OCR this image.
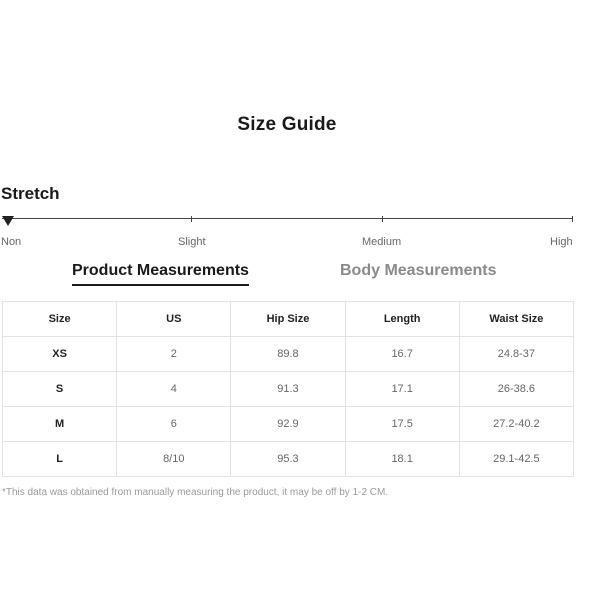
Size Guide
Stretch
Non	Slight	Medium	High
Product Measurements	Body Measurements
Size	US	Hip Size	Length	Waist Size
XS	2	89.8	16.7	24.8-37
S	4	91.3	17.1	26-38.6
M	6	92.9	17.5	27.2-40.2
L	8/10	95.3	18.1	29.1-42.5
*This data was obtained from manually measuring the product, it may be off by 1-2 CM.
